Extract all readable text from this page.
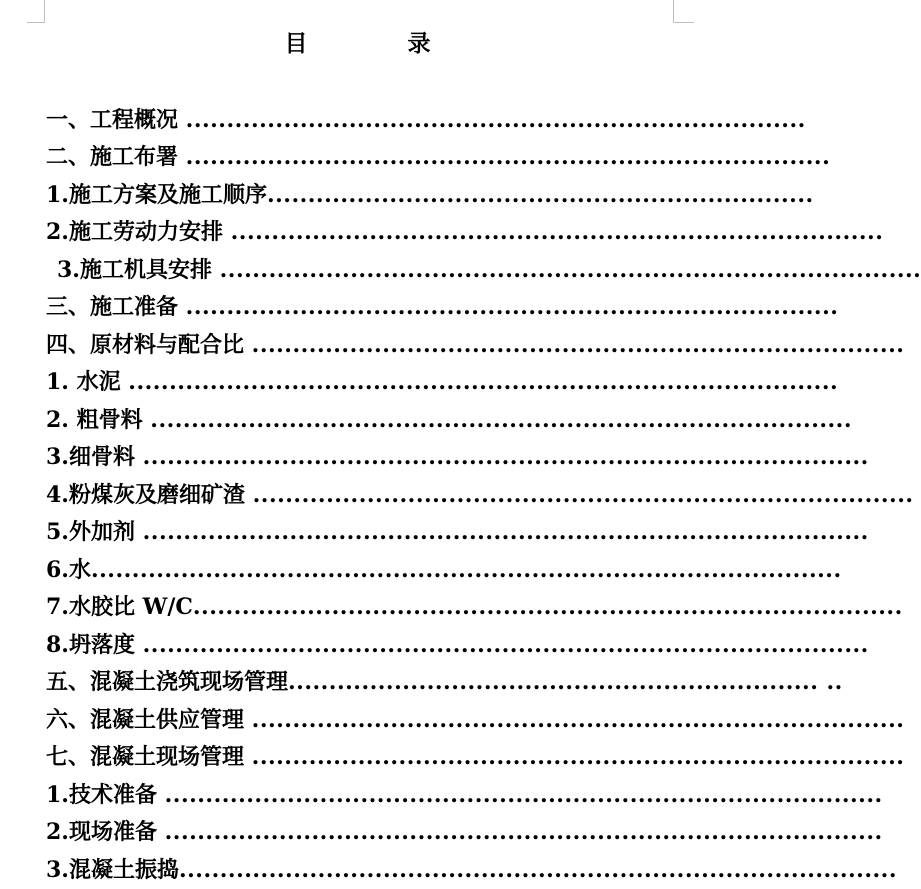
目 录
一、工程概况 ............................................................................
二、施工布署 ...............................................................................
1.施工方案及施工顺序...................................................................
2.施工劳动力安排 ................................................................................
3.施工机具安排 ......................................................................................
三、施工准备 ................................................................................
四、原材料与配合比 ................................................................................
1. 水泥 .......................................................................................
2. 粗骨料 ......................................................................................
3.细骨料 .........................................................................................
4.粉煤灰及磨细矿渣 .................................................................................
5.外加剂 .........................................................................................
6.水............................................................................................
7.水胶比 W/C.......................................................................................
8.坍落度 .........................................................................................
五、混凝土浇筑现场管理................................................................. ..
六、混凝土供应管理 ................................................................................
七、混凝土现场管理 ................................................................................
1.技术准备 ........................................................................................
2.现场准备 ........................................................................................
3.混凝土振捣........................................................................................
